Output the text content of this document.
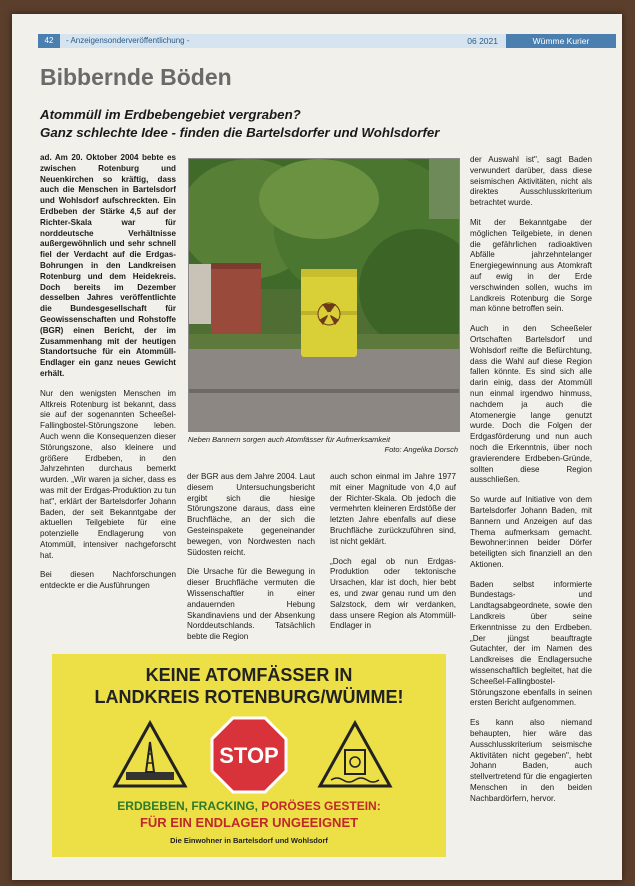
42	- Anzeigensonderveröffentlichung -	06 2021	Wümme Kurier
Bibbernde Böden
Atommüll im Erdbebengebiet vergraben?
Ganz schlechte Idee - finden die Bartelsdorfer und Wohlsdorfer

ad. Am 20. Oktober 2004 bebte es zwischen Rotenburg und Neuenkirchen so kräftig, dass auch die Menschen in Bartelsdorf und Wohlsdorf aufschreckten. Ein Erdbeben der Stärke 4,5 auf der Richter-Skala war für norddeutsche Verhältnisse außergewöhnlich und sehr schnell fiel der Verdacht auf die Erdgas-Bohrungen in den Landkreisen Rotenburg und dem Heidekreis. Doch bereits im Dezember desselben Jahres veröffentlichte die Bundesgesellschaft für Geowissenschaften und Rohstoffe (BGR) einen Bericht, der im Zusammenhang mit der heutigen Standortsuche für ein Atommüll-Endlager ein ganz neues Gewicht erhält.

Nur den wenigsten Menschen im Altkreis Rotenburg ist bekannt, dass sie auf der sogenannten Scheeßel-Fallingbostel-Störungszone leben. Auch wenn die Konsequenzen dieser Störungszone, also kleinere und größere Erdbeben, in den Jahrzehnten durchaus bemerkt wurden. „Wir waren ja sicher, dass es was mit der Erdgas-Produktion zu tun hat", erklärt der Bartelsdorfer Johann Baden, der seit Bekanntgabe der aktuellen Teilgebiete für eine potenzielle Endlagerung von Atommüll, intensiver nachgeforscht hat.

Bei diesen Nachforschungen entdeckte er die Ausführungen

Neben Bannern sorgen auch Atomfässer für Aufmerksamkeit
Foto: Angelika Dorsch

der BGR aus dem Jahre 2004. Laut diesem Untersuchungsbericht ergibt sich die hiesige Störungszone daraus, dass eine Bruchfläche, an der sich die Gesteinspakete gegeneinander bewegen, von Nordwesten nach Südosten reicht.

Die Ursache für die Bewegung in dieser Bruchfläche vermuten die Wissenschaftler in einer andauernden Hebung Skandinaviens und der Absenkung Norddeutschlands. Tatsächlich bebte die Region

auch schon einmal im Jahre 1977 mit einer Magnitude von 4,0 auf der Richter-Skala. Ob jedoch die vermehrten kleineren Erdstöße der letzten Jahre ebenfalls auf diese Bruchfläche zurückzuführen sind, ist nicht geklärt.

„Doch egal ob nun Erdgas-Produktion oder tektonische Ursachen, klar ist doch, hier bebt es, und zwar genau rund um den Salzstock, dem wir verdanken, dass unsere Region als Atommüll-Endlager in

der Auswahl ist", sagt Baden verwundert darüber, dass diese seismischen Aktivitäten, nicht als direktes Ausschlusskriterium betrachtet wurde.

Mit der Bekanntgabe der möglichen Teilgebiete, in denen die gefährlichen radioaktiven Abfälle jahrzehntelanger Energiegewinnung aus Atomkraft auf ewig in der Erde verschwinden sollen, wuchs im Landkreis Rotenburg die Sorge man könne betroffen sein.

Auch in den Scheeßeler Ortschaften Bartelsdorf und Wohlsdorf reifte die Befürchtung, dass die Wahl auf diese Region fallen könnte. Es sind sich alle darin einig, dass der Atommüll nun einmal irgendwo hinmuss, nachdem ja auch die Atomenergie lange genutzt wurde. Doch die Folgen der Erdgasförderung und nun auch noch die Erkenntnis, über noch gravierendere Erdbeben-Gründe, sollten diese Region ausschließen.

So wurde auf Initiative von dem Bartelsdorfer Johann Baden, mit Bannern und Anzeigen auf das Thema aufmerksam gemacht. Bewohner:innen beider Dörfer beteiligten sich finanziell an den Aktionen.

Baden selbst informierte Bundestags- und Landtagsabgeordnete, sowie den Landkreis über seine Erkenntnisse zu den Erdbeben. „Der jüngst beauftragte Gutachter, der im Namen des Landkreises die Endlagersuche wissenschaftlich begleitet, hat die Scheeßel-Fallingbostel-Störungszone ebenfalls in seinen ersten Bericht aufgenommen.

Es kann also niemand behaupten, hier wäre das Ausschlusskriterium seismische Aktivitäten nicht gegeben", hebt Johann Baden, auch stellvertretend für die engagierten Menschen in den beiden Nachbardörfern, hervor.

KEINE ATOMFÄSSER IN
LANDKREIS ROTENBURG/WÜMME!
STOP
ERDBEBEN, FRACKING, PORÖSES GESTEIN:
FÜR EIN ENDLAGER UNGEEIGNET
Die Einwohner in Bartelsdorf und Wohlsdorf
